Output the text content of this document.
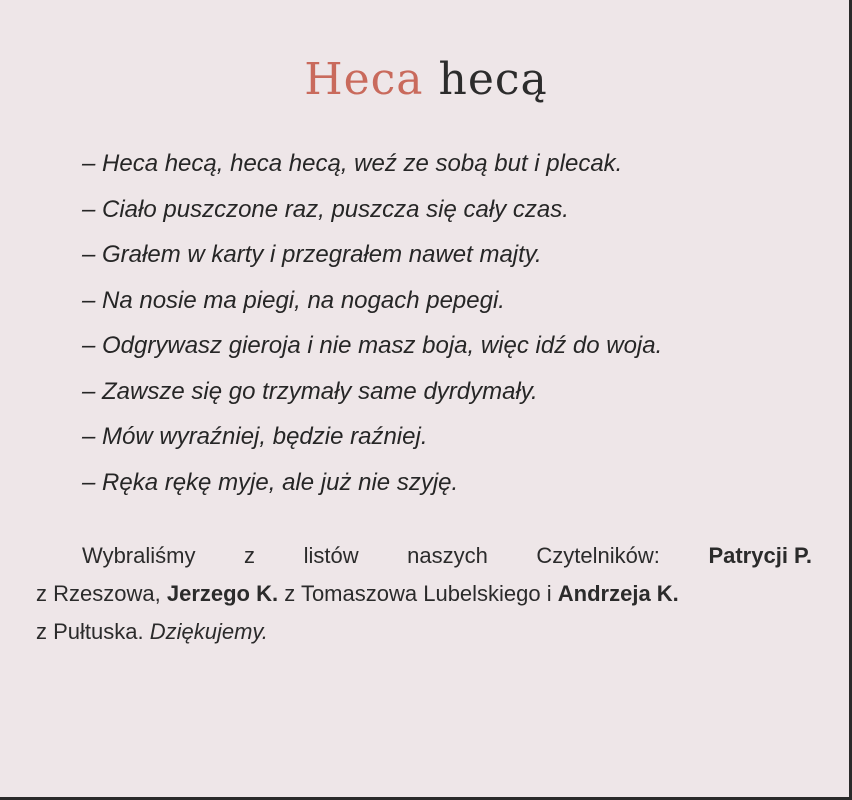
Heca hecą
– Heca hecą, heca hecą, weź ze sobą but i plecak.
– Ciało puszczone raz, puszcza się cały czas.
– Grałem w karty i przegrałem nawet majty.
– Na nosie ma piegi, na nogach pepegi.
– Odgrywasz gieroja i nie masz boja, więc idź do woja.
– Zawsze się go trzymały same dyrdymały.
– Mów wyraźniej, będzie raźniej.
– Ręka rękę myje, ale już nie szyję.
Wybraliśmy z listów naszych Czytelników: Patrycji P.
z Rzeszowa, Jerzego K. z Tomaszowa Lubelskiego i Andrzeja K.
z Pułtuska. Dziękujemy.
